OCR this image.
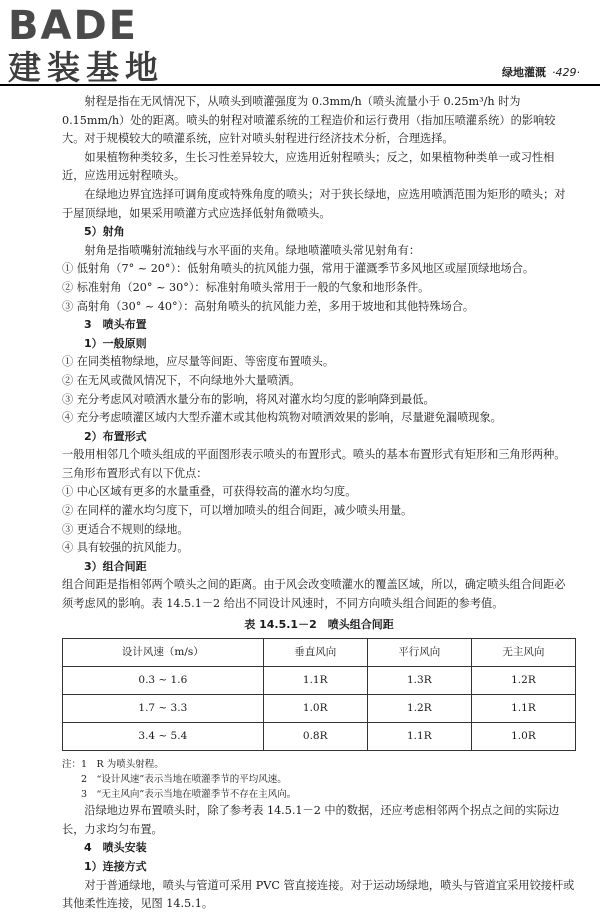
BADE
建装基地	绿地灌溉 ·429·

射程是指在无风情况下，从喷头到喷灌强度为 0.3mm/h（喷头流量小于 0.25m³/h 时为 0.15mm/h）处的距离。喷头的射程对喷灌系统的工程造价和运行费用（指加压喷灌系统）的影响较大。对于规模较大的喷灌系统，应针对喷头射程进行经济技术分析，合理选择。

如果植物种类较多，生长习性差异较大，应选用近射程喷头；反之，如果植物种类单一或习性相近，应选用远射程喷头。

在绿地边界宜选择可调角度或特殊角度的喷头；对于狭长绿地，应选用喷洒范围为矩形的喷头；对于屋顶绿地，如果采用喷灌方式应选择低射角微喷头。

5）射角

射角是指喷嘴射流轴线与水平面的夹角。绿地喷灌喷头常见射角有：

① 低射角（7° ~ 20°）：低射角喷头的抗风能力强，常用于灌溉季节多风地区或屋顶绿地场合。

② 标准射角（20° ~ 30°）：标准射角喷头常用于一般的气象和地形条件。

③ 高射角（30° ~ 40°）：高射角喷头的抗风能力差，多用于坡地和其他特殊场合。

3　喷头布置

1）一般原则

① 在同类植物绿地，应尽量等间距、等密度布置喷头。

② 在无风或微风情况下，不向绿地外大量喷洒。

③ 充分考虑风对喷洒水量分布的影响，将风对灌水均匀度的影响降到最低。

④ 充分考虑喷灌区域内大型乔灌木或其他构筑物对喷洒效果的影响，尽量避免漏喷现象。

2）布置形式

一般用相邻几个喷头组成的平面图形表示喷头的布置形式。喷头的基本布置形式有矩形和三角形两种。三角形布置形式有以下优点：

① 中心区域有更多的水量重叠，可获得较高的灌水均匀度。

② 在同样的灌水均匀度下，可以增加喷头的组合间距，减少喷头用量。

③ 更适合不规则的绿地。

④ 具有较强的抗风能力。

3）组合间距

组合间距是指相邻两个喷头之间的距离。由于风会改变喷灌水的覆盖区域，所以，确定喷头组合间距必须考虑风的影响。表 14.5.1－2 给出不同设计风速时，不同方向喷头组合间距的参考值。

表 14.5.1－2　喷头组合间距
设计风速（m/s）	垂直风向	平行风向	无主风向
0.3 ~ 1.6	1.1R	1.3R	1.2R
1.7 ~ 3.3	1.0R	1.2R	1.1R
3.4 ~ 5.4	0.8R	1.1R	1.0R

注：1　R 为喷头射程。

2　“设计风速”表示当地在喷灌季节的平均风速。

3　“无主风向”表示当地在喷灌季节不存在主风向。

沿绿地边界布置喷头时，除了参考表 14.5.1－2 中的数据，还应考虑相邻两个拐点之间的实际边长，力求均匀布置。

4　喷头安装

1）连接方式

对于普通绿地，喷头与管道可采用 PVC 管直接连接。对于运动场绿地，喷头与管道宜采用铰接杆或其他柔性连接，见图 14.5.1。
